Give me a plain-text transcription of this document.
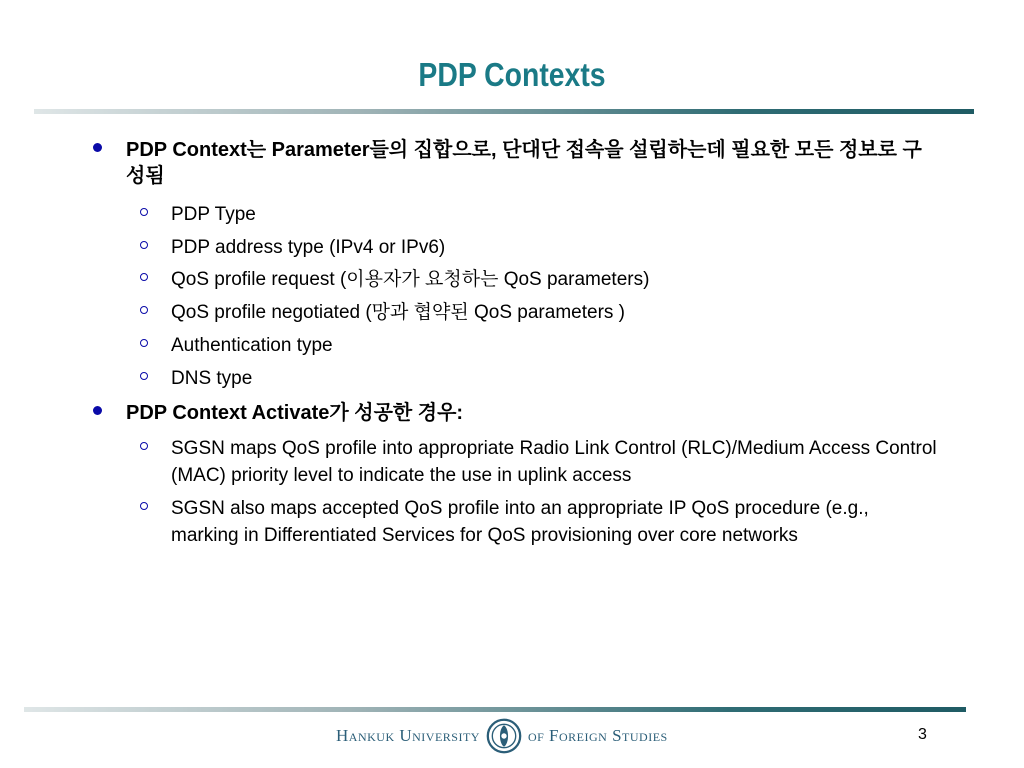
PDP Contexts
PDP Context는 Parameter들의 집합으로, 단대단 접속을 설립하는데 필요한 모든 정보로 구성됨
PDP Type
PDP address type (IPv4 or IPv6)
QoS profile request (이용자가 요청하는 QoS parameters)
QoS profile negotiated (망과 협약된 QoS parameters )
Authentication type
DNS type
PDP Context Activate가 성공한 경우:
SGSN maps QoS profile into appropriate Radio Link Control (RLC)/Medium Access Control (MAC) priority level to indicate the use in uplink access
SGSN also maps accepted QoS profile into an appropriate IP QoS procedure (e.g., marking in Differentiated Services for QoS provisioning over core networks
Hankuk University	of Foreign Studies	3
